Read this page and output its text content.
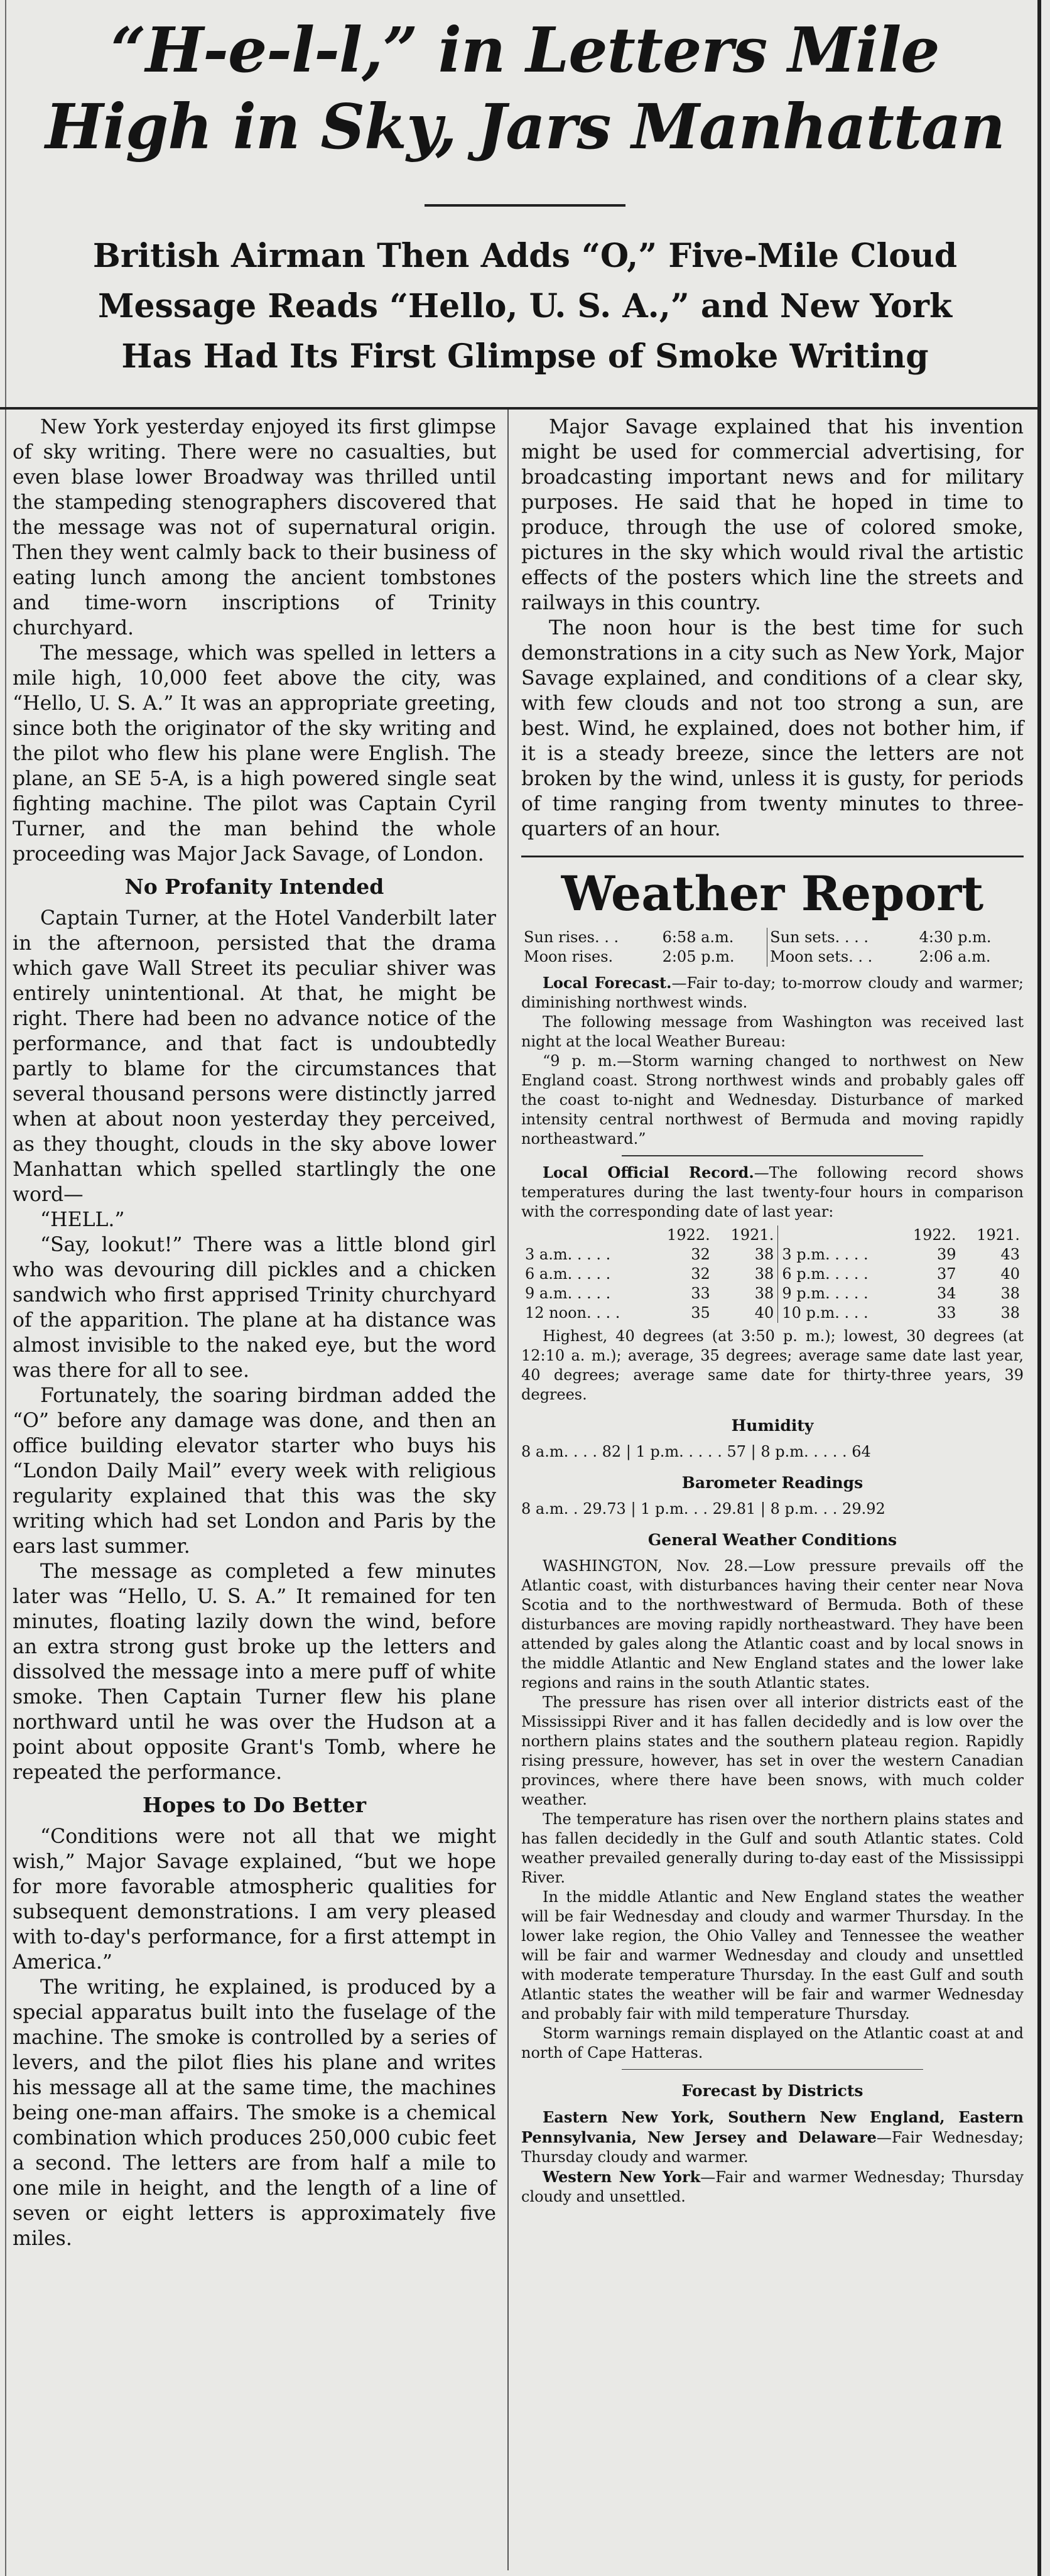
“H-e-l-l,” in Letters Mile
High in Sky, Jars Manhattan
British Airman Then Adds “O,” Five-Mile Cloud
Message Reads “Hello, U. S. A.,” and New York
Has Had Its First Glimpse of Smoke Writing

New York yesterday enjoyed its first glimpse of sky writing. There were no casualties, but even blase lower Broadway was thrilled until the stampeding stenographers discovered that the message was not of supernatural origin. Then they went calmly back to their business of eating lunch among the ancient tombstones and time-worn inscriptions of Trinity churchyard.

The message, which was spelled in letters a mile high, 10,000 feet above the city, was “Hello, U. S. A.” It was an appropriate greeting, since both the originator of the sky writing and the pilot who flew his plane were English. The plane, an SE 5-A, is a high powered single seat fighting machine. The pilot was Captain Cyril Turner, and the man behind the whole proceeding was Major Jack Savage, of London.

No Profanity Intended

Captain Turner, at the Hotel Vanderbilt later in the afternoon, persisted that the drama which gave Wall Street its peculiar shiver was entirely unintentional. At that, he might be right. There had been no advance notice of the performance, and that fact is undoubtedly partly to blame for the circumstances that several thousand persons were distinctly jarred when at about noon yesterday they perceived, as they thought, clouds in the sky above lower Manhattan which spelled startlingly the one word—

“HELL.”

“Say, lookut!” There was a little blond girl who was devouring dill pickles and a chicken sandwich who first apprised Trinity churchyard of the apparition. The plane at ha distance was almost invisible to the naked eye, but the word was there for all to see.

Fortunately, the soaring birdman added the “O” before any damage was done, and then an office building elevator starter who buys his “London Daily Mail” every week with religious regularity explained that this was the sky writing which had set London and Paris by the ears last summer.

The message as completed a few minutes later was “Hello, U. S. A.” It remained for ten minutes, floating lazily down the wind, before an extra strong gust broke up the letters and dissolved the message into a mere puff of white smoke. Then Captain Turner flew his plane northward until he was over the Hudson at a point about opposite Grant's Tomb, where he repeated the performance.

Hopes to Do Better

“Conditions were not all that we might wish,” Major Savage explained, “but we hope for more favorable atmospheric qualities for subsequent demonstrations. I am very pleased with to-day's performance, for a first attempt in America.”

The writing, he explained, is produced by a special apparatus built into the fuselage of the machine. The smoke is controlled by a series of levers, and the pilot flies his plane and writes his message all at the same time, the machines being one-man affairs. The smoke is a chemical combination which produces 250,000 cubic feet a second. The letters are from half a mile to one mile in height, and the length of a line of seven or eight letters is approximately five miles.

Major Savage explained that his invention might be used for commercial advertising, for broadcasting important news and for military purposes. He said that he hoped in time to produce, through the use of colored smoke, pictures in the sky which would rival the artistic effects of the posters which line the streets and railways in this country.

The noon hour is the best time for such demonstrations in a city such as New York, Major Savage explained, and conditions of a clear sky, with few clouds and not too strong a sun, are best. Wind, he explained, does not bother him, if it is a steady breeze, since the letters are not broken by the wind, unless it is gusty, for periods of time ranging from twenty minutes to three-quarters of an hour.

Weather Report
Sun rises. . .	6:58 a.m.	Sun sets. . . .	4:30 p.m.
Moon rises.	2:05 p.m.	Moon sets. . .	2:06 a.m.

Local Forecast.—Fair to-day; to-morrow cloudy and warmer; diminishing northwest winds.

The following message from Washington was received last night at the local Weather Bureau:

“9 p. m.—Storm warning changed to northwest on New England coast. Strong northwest winds and probably gales off the coast to-night and Wednesday. Disturbance of marked intensity central northwest of Bermuda and moving rapidly northeastward.”

Local Official Record.—The following record shows temperatures during the last twenty-four hours in comparison with the corresponding date of last year:

	1922.	1921.		1922.	1921.
3 a.m. . . . .	32	38	3 p.m. . . . .	39	43
6 a.m. . . . .	32	38	6 p.m. . . . .	37	40
9 a.m. . . . .	33	38	9 p.m. . . . .	34	38
12 noon. . . .	35	40	10 p.m. . . .	33	38

Highest, 40 degrees (at 3:50 p. m.); lowest, 30 degrees (at 12:10 a. m.); average, 35 degrees; average same date last year, 40 degrees; average same date for thirty-three years, 39 degrees.

Humidity
8 a.m. . . . 82 | 1 p.m. . . . . 57 | 8 p.m. . . . . 64
Barometer Readings
8 a.m. . 29.73 | 1 p.m. . . 29.81 | 8 p.m. . . 29.92
General Weather Conditions

WASHINGTON, Nov. 28.—Low pressure prevails off the Atlantic coast, with disturbances having their center near Nova Scotia and to the northwestward of Bermuda. Both of these disturbances are moving rapidly northeastward. They have been attended by gales along the Atlantic coast and by local snows in the middle Atlantic and New England states and the lower lake regions and rains in the south Atlantic states.

The pressure has risen over all interior districts east of the Mississippi River and it has fallen decidedly and is low over the northern plains states and the southern plateau region. Rapidly rising pressure, however, has set in over the western Canadian provinces, where there have been snows, with much colder weather.

The temperature has risen over the northern plains states and has fallen decidedly in the Gulf and south Atlantic states. Cold weather prevailed generally during to-day east of the Mississippi River.

In the middle Atlantic and New England states the weather will be fair Wednesday and cloudy and warmer Thursday. In the lower lake region, the Ohio Valley and Tennessee the weather will be fair and warmer Wednesday and cloudy and unsettled with moderate temperature Thursday. In the east Gulf and south Atlantic states the weather will be fair and warmer Wednesday and probably fair with mild temperature Thursday.

Storm warnings remain displayed on the Atlantic coast at and north of Cape Hatteras.

Forecast by Districts

Eastern New York, Southern New England, Eastern Pennsylvania, New Jersey and Delaware—Fair Wednesday; Thursday cloudy and warmer.

Western New York—Fair and warmer Wednesday; Thursday cloudy and unsettled.
